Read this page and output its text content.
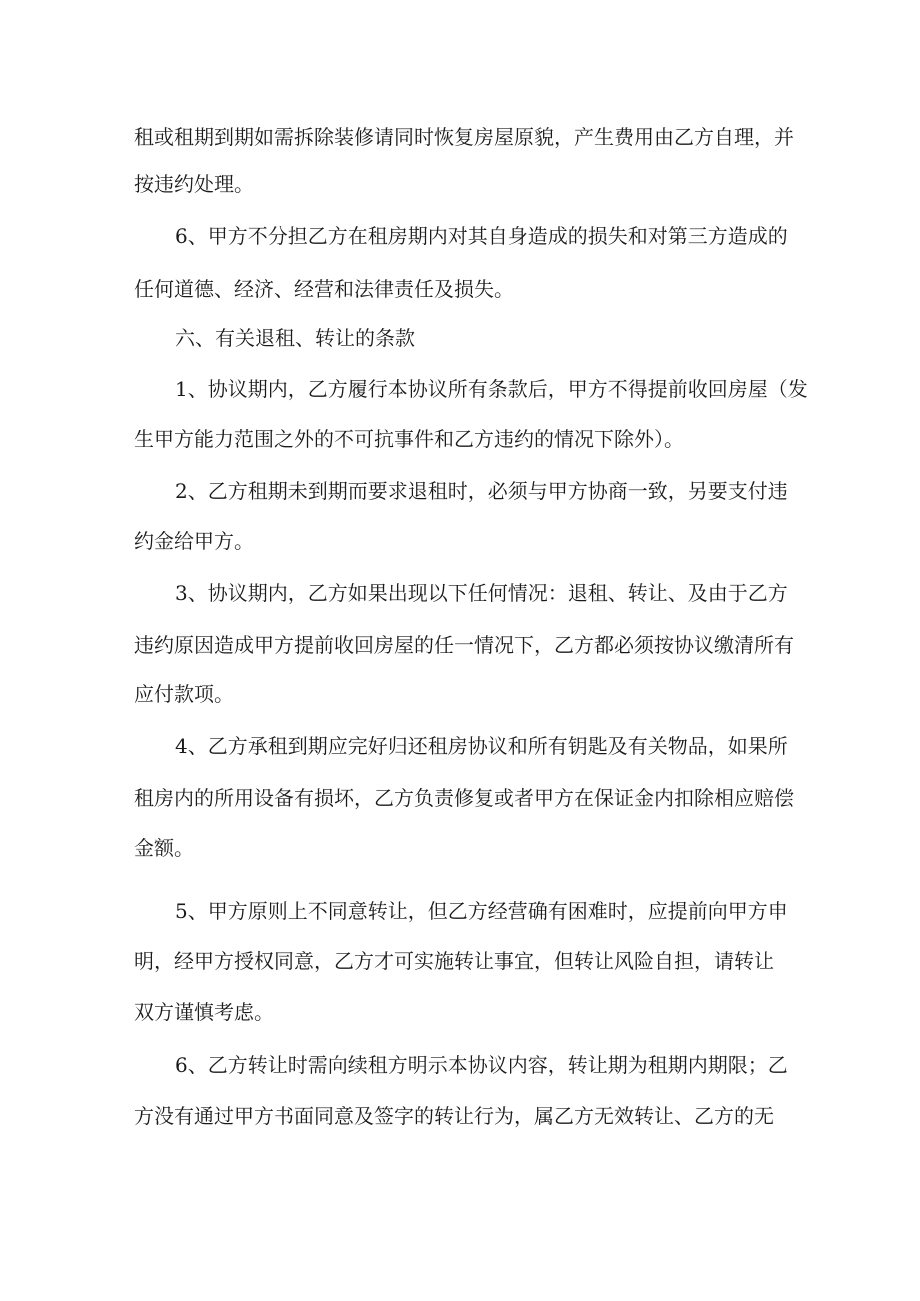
租或租期到期如需拆除装修请同时恢复房屋原貌，产生费用由乙方自理，并
按违约处理。
6、甲方不分担乙方在租房期内对其自身造成的损失和对第三方造成的
任何道德、经济、经营和法律责任及损失。
六、有关退租、转让的条款
1、协议期内，乙方履行本协议所有条款后，甲方不得提前收回房屋（发
生甲方能力范围之外的不可抗事件和乙方违约的情况下除外）。
2、乙方租期未到期而要求退租时，必须与甲方协商一致，另要支付违
约金给甲方。
3、协议期内，乙方如果出现以下任何情况：退租、转让、及由于乙方
违约原因造成甲方提前收回房屋的任一情况下，乙方都必须按协议缴清所有
应付款项。
4、乙方承租到期应完好归还租房协议和所有钥匙及有关物品，如果所
租房内的所用设备有损坏，乙方负责修复或者甲方在保证金内扣除相应赔偿
金额。
5、甲方原则上不同意转让，但乙方经营确有困难时，应提前向甲方申
明，经甲方授权同意，乙方才可实施转让事宜，但转让风险自担，请转让
双方谨慎考虑。
6、乙方转让时需向续租方明示本协议内容，转让期为租期内期限；乙
方没有通过甲方书面同意及签字的转让行为，属乙方无效转让、乙方的无
